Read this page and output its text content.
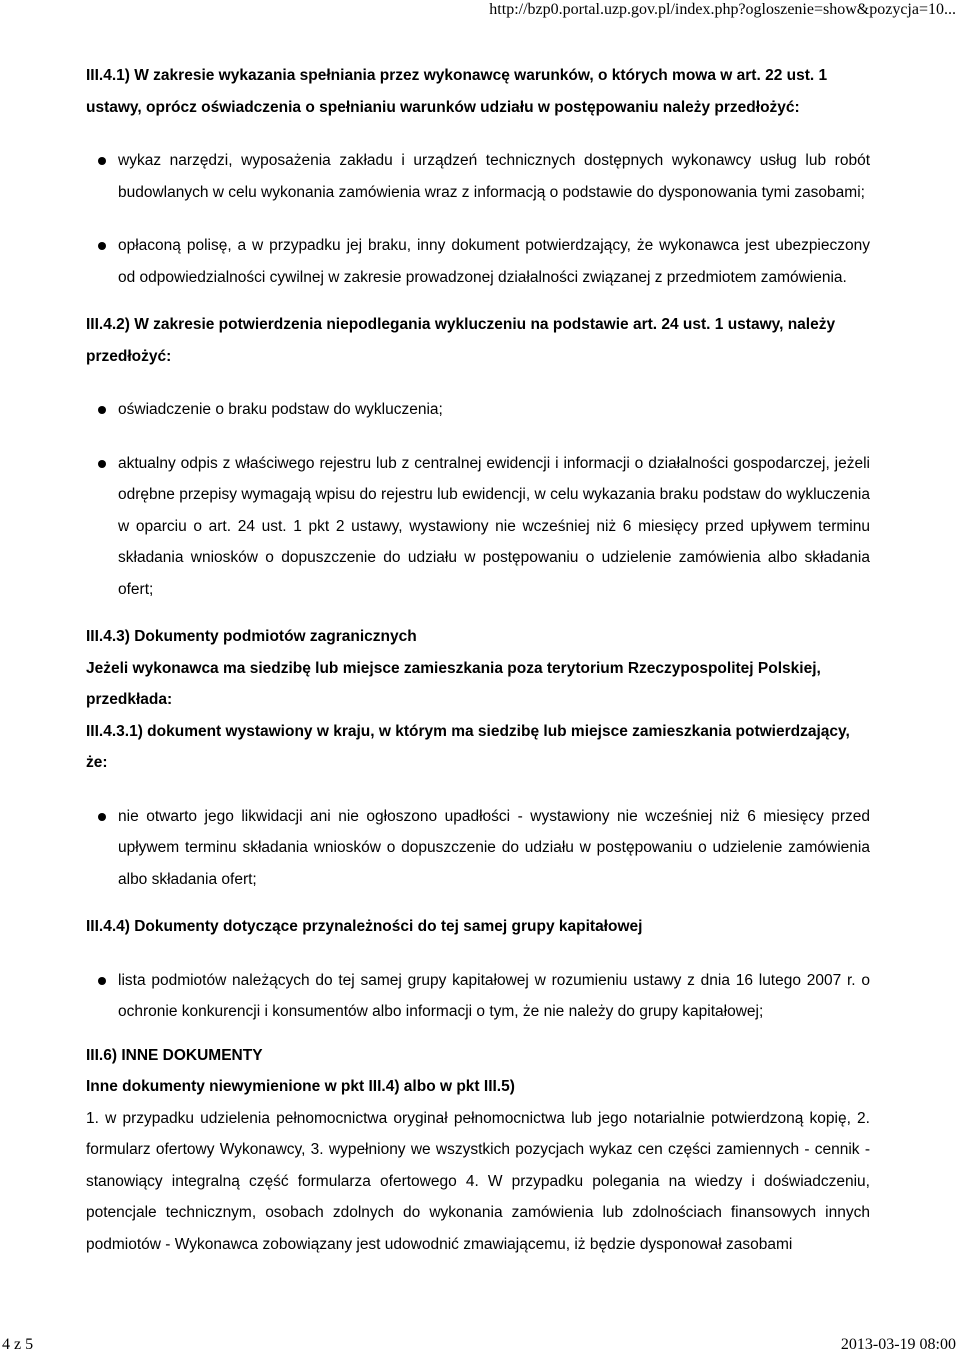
http://bzp0.portal.uzp.gov.pl/index.php?ogloszenie=show&pozycja=10...

III.4.1) W zakresie wykazania spełniania przez wykonawcę warunków, o których mowa w art. 22 ust. 1 ustawy, oprócz oświadczenia o spełnianiu warunków udziału w postępowaniu należy przedłożyć:

wykaz narzędzi, wyposażenia zakładu i urządzeń technicznych dostępnych wykonawcy usług lub robót budowlanych w celu wykonania zamówienia wraz z informacją o podstawie do dysponowania tymi zasobami;
opłaconą polisę, a w przypadku jej braku, inny dokument potwierdzający, że wykonawca jest ubezpieczony od odpowiedzialności cywilnej w zakresie prowadzonej działalności związanej z przedmiotem zamówienia.

III.4.2) W zakresie potwierdzenia niepodlegania wykluczeniu na podstawie art. 24 ust. 1 ustawy, należy przedłożyć:

oświadczenie o braku podstaw do wykluczenia;
aktualny odpis z właściwego rejestru lub z centralnej ewidencji i informacji o działalności gospodarczej, jeżeli odrębne przepisy wymagają wpisu do rejestru lub ewidencji, w celu wykazania braku podstaw do wykluczenia w oparciu o art. 24 ust. 1 pkt 2 ustawy, wystawiony nie wcześniej niż 6 miesięcy przed upływem terminu składania wniosków o dopuszczenie do udziału w postępowaniu o udzielenie zamówienia albo składania ofert;

III.4.3) Dokumenty podmiotów zagranicznych

Jeżeli wykonawca ma siedzibę lub miejsce zamieszkania poza terytorium Rzeczypospolitej Polskiej, przedkłada:

III.4.3.1) dokument wystawiony w kraju, w którym ma siedzibę lub miejsce zamieszkania potwierdzający, że:

nie otwarto jego likwidacji ani nie ogłoszono upadłości - wystawiony nie wcześniej niż 6 miesięcy przed upływem terminu składania wniosków o dopuszczenie do udziału w postępowaniu o udzielenie zamówienia albo składania ofert;

III.4.4) Dokumenty dotyczące przynależności do tej samej grupy kapitałowej

lista podmiotów należących do tej samej grupy kapitałowej w rozumieniu ustawy z dnia 16 lutego 2007 r. o ochronie konkurencji i konsumentów albo informacji o tym, że nie należy do grupy kapitałowej;

III.6) INNE DOKUMENTY

Inne dokumenty niewymienione w pkt III.4) albo w pkt III.5)

1. w przypadku udzielenia pełnomocnictwa oryginał pełnomocnictwa lub jego notarialnie potwierdzoną kopię, 2. formularz ofertowy Wykonawcy, 3. wypełniony we wszystkich pozycjach wykaz cen części zamiennych - cennik - stanowiący integralną część formularza ofertowego 4. W przypadku polegania na wiedzy i doświadczeniu, potencjale technicznym, osobach zdolnych do wykonania zamówienia lub zdolnościach finansowych innych podmiotów - Wykonawca zobowiązany jest udowodnić zmawiającemu, iż będzie dysponował zasobami

4 z 5	2013-03-19 08:00
